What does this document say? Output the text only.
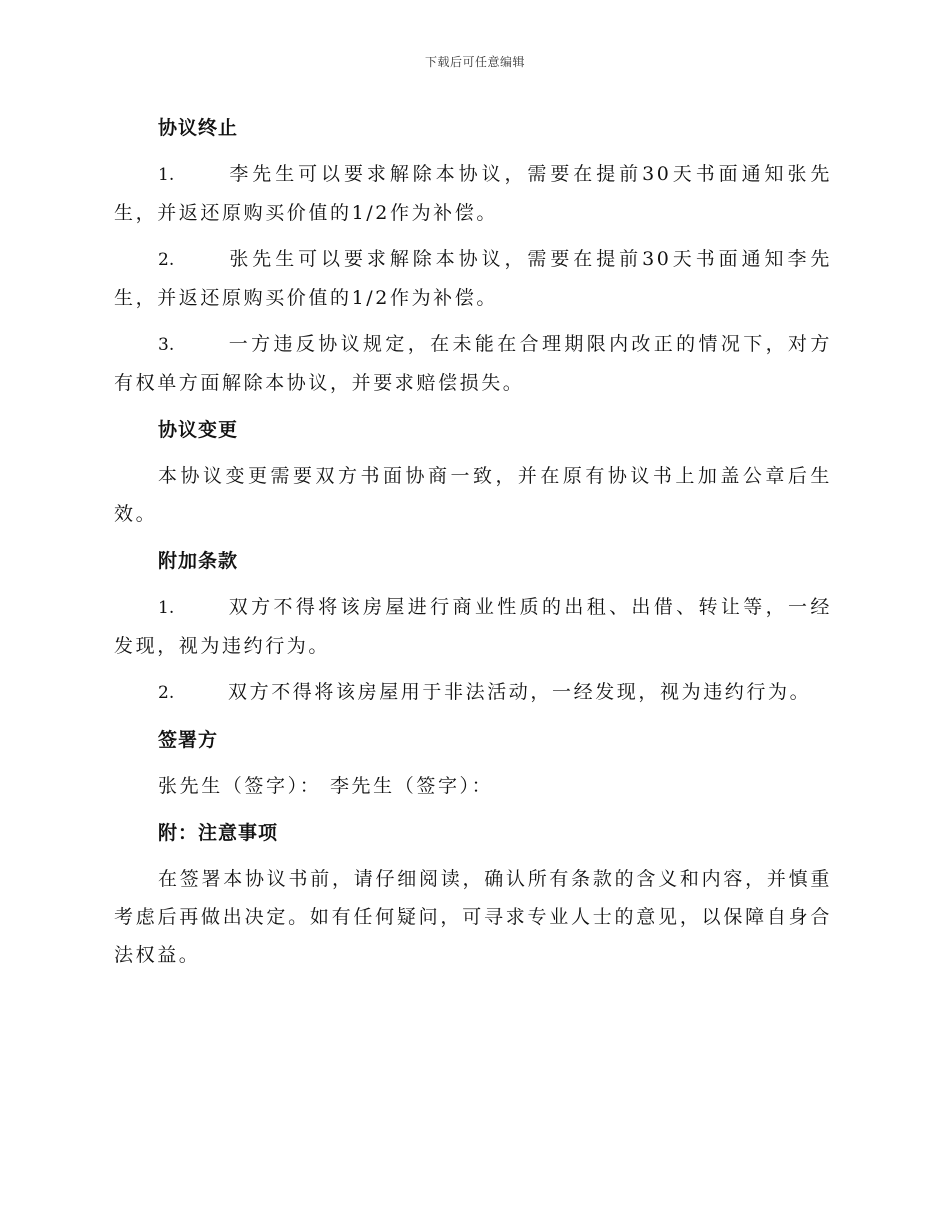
下载后可任意编辑
协议终止
1.	李先生可以要求解除本协议，需要在提前30天书面通知张先生，并返还原购买价值的1/2作为补偿。
2.	张先生可以要求解除本协议，需要在提前30天书面通知李先生，并返还原购买价值的1/2作为补偿。
3.	一方违反协议规定，在未能在合理期限内改正的情况下，对方有权单方面解除本协议，并要求赔偿损失。
协议变更
本协议变更需要双方书面协商一致，并在原有协议书上加盖公章后生效。
附加条款
1.	双方不得将该房屋进行商业性质的出租、出借、转让等，一经发现，视为违约行为。
2.	双方不得将该房屋用于非法活动，一经发现，视为违约行为。
签署方
张先生（签字）： 李先生（签字）：
附：注意事项
在签署本协议书前，请仔细阅读，确认所有条款的含义和内容，并慎重考虑后再做出决定。如有任何疑问，可寻求专业人士的意见，以保障自身合法权益。
